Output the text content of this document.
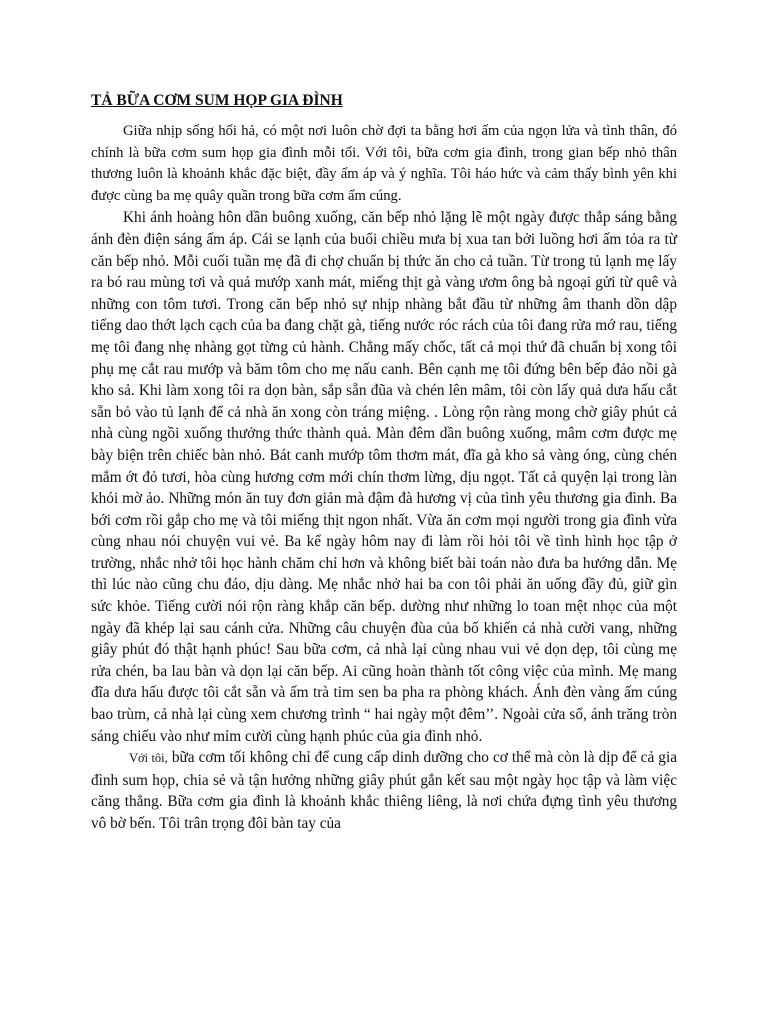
TẢ BỮA CƠM SUM HỌP GIA ĐÌNH

Giữa nhịp sống hối hả, có một nơi luôn chờ đợi ta bằng hơi ấm của ngọn lửa và tình thân, đó chính là bữa cơm sum họp gia đình mỗi tối. Với tôi, bữa cơm gia đình, trong gian bếp nhỏ thân thương luôn là khoảnh khắc đặc biệt, đầy ấm áp và ý nghĩa. Tôi háo hức và cảm thấy bình yên khi được cùng ba mẹ quây quần trong bữa cơm ấm cúng.

Khi ánh hoàng hôn dần buông xuống, căn bếp nhỏ lặng lẽ một ngày được thắp sáng bằng ánh đèn điện sáng ấm áp. Cái se lạnh của buổi chiều mưa bị xua tan bởi luồng hơi ấm tỏa ra từ căn bếp nhỏ. Mỗi cuối tuần mẹ đã đi chợ chuẩn bị thức ăn cho cả tuần. Từ trong tủ lạnh mẹ lấy ra bó rau mùng tơi và quả mướp xanh mát, miếng thịt gà vàng ươm ông bà ngoại gửi từ quê và những con tôm tươi. Trong căn bếp nhỏ sự nhịp nhàng bắt đầu từ những âm thanh dồn dập tiếng dao thớt lạch cạch của ba đang chặt gà, tiếng nước róc rách của tôi đang rửa mớ rau, tiếng mẹ tôi đang nhẹ nhàng gọt từng củ hành. Chẳng mấy chốc, tất cả mọi thứ đã chuẩn bị xong tôi phụ mẹ cắt rau mướp và băm tôm cho mẹ nấu canh. Bên cạnh mẹ tôi đứng bên bếp đảo nồi gà kho sả. Khi làm xong tôi ra dọn bàn, sắp sẵn đũa và chén lên mâm, tôi còn lấy quả dưa hấu cắt sẵn bỏ vào tủ lạnh để cả nhà ăn xong còn tráng miệng. . Lòng rộn ràng mong chờ giây phút cả nhà cùng ngồi xuống thưởng thức thành quả. Màn đêm dần buông xuống, mâm cơm được mẹ bày biện trên chiếc bàn nhỏ. Bát canh mướp tôm thơm mát, đĩa gà kho sả vàng óng, cùng chén mắm ớt đỏ tươi, hòa cùng hương cơm mới chín thơm lừng, dịu ngọt. Tất cả quyện lại trong làn khói mờ ảo. Những món ăn tuy đơn giản mà đậm đà hương vị của tình yêu thương gia đình. Ba bới cơm rồi gắp cho mẹ và tôi miếng thịt ngon nhất. Vừa ăn cơm mọi người trong gia đình vừa cùng nhau nói chuyện vui vẻ. Ba kể ngày hôm nay đi làm rồi hỏi tôi về tình hình học tập ở trường, nhắc nhở tôi học hành chăm chỉ hơn và không biết bài toán nào đưa ba hướng dẫn. Mẹ thì lúc nào cũng chu đáo, dịu dàng. Mẹ nhắc nhở hai ba con tôi phải ăn uống đầy đủ, giữ gìn sức khỏe. Tiếng cười nói rộn ràng khắp căn bếp. dường như những lo toan mệt nhọc của một ngày đã khép lại sau cánh cửa. Những câu chuyện đùa của bố khiến cả nhà cười vang, những giây phút đó thật hạnh phúc! Sau bữa cơm, cả nhà lại cùng nhau vui vẻ dọn dẹp, tôi cùng mẹ rửa chén, ba lau bàn và dọn lại căn bếp. Ai cũng hoàn thành tốt công việc của mình. Mẹ mang đĩa dưa hấu được tôi cắt sẵn và ấm trà tim sen ba pha ra phòng khách. Ánh đèn vàng ấm cúng bao trùm, cả nhà lại cùng xem chương trình “ hai ngày một đêm’’. Ngoài cửa sổ, ánh trăng tròn sáng chiếu vào như mỉm cười cùng hạnh phúc của gia đình nhỏ.

Với tôi, bữa cơm tối không chỉ để cung cấp dinh dưỡng cho cơ thể mà còn là dịp để cả gia đình sum họp, chia sẻ và tận hưởng những giây phút gắn kết sau một ngày học tập và làm việc căng thẳng. Bữa cơm gia đình là khoảnh khắc thiêng liêng, là nơi chứa đựng tình yêu thương vô bờ bến. Tôi trân trọng đôi bàn tay của
